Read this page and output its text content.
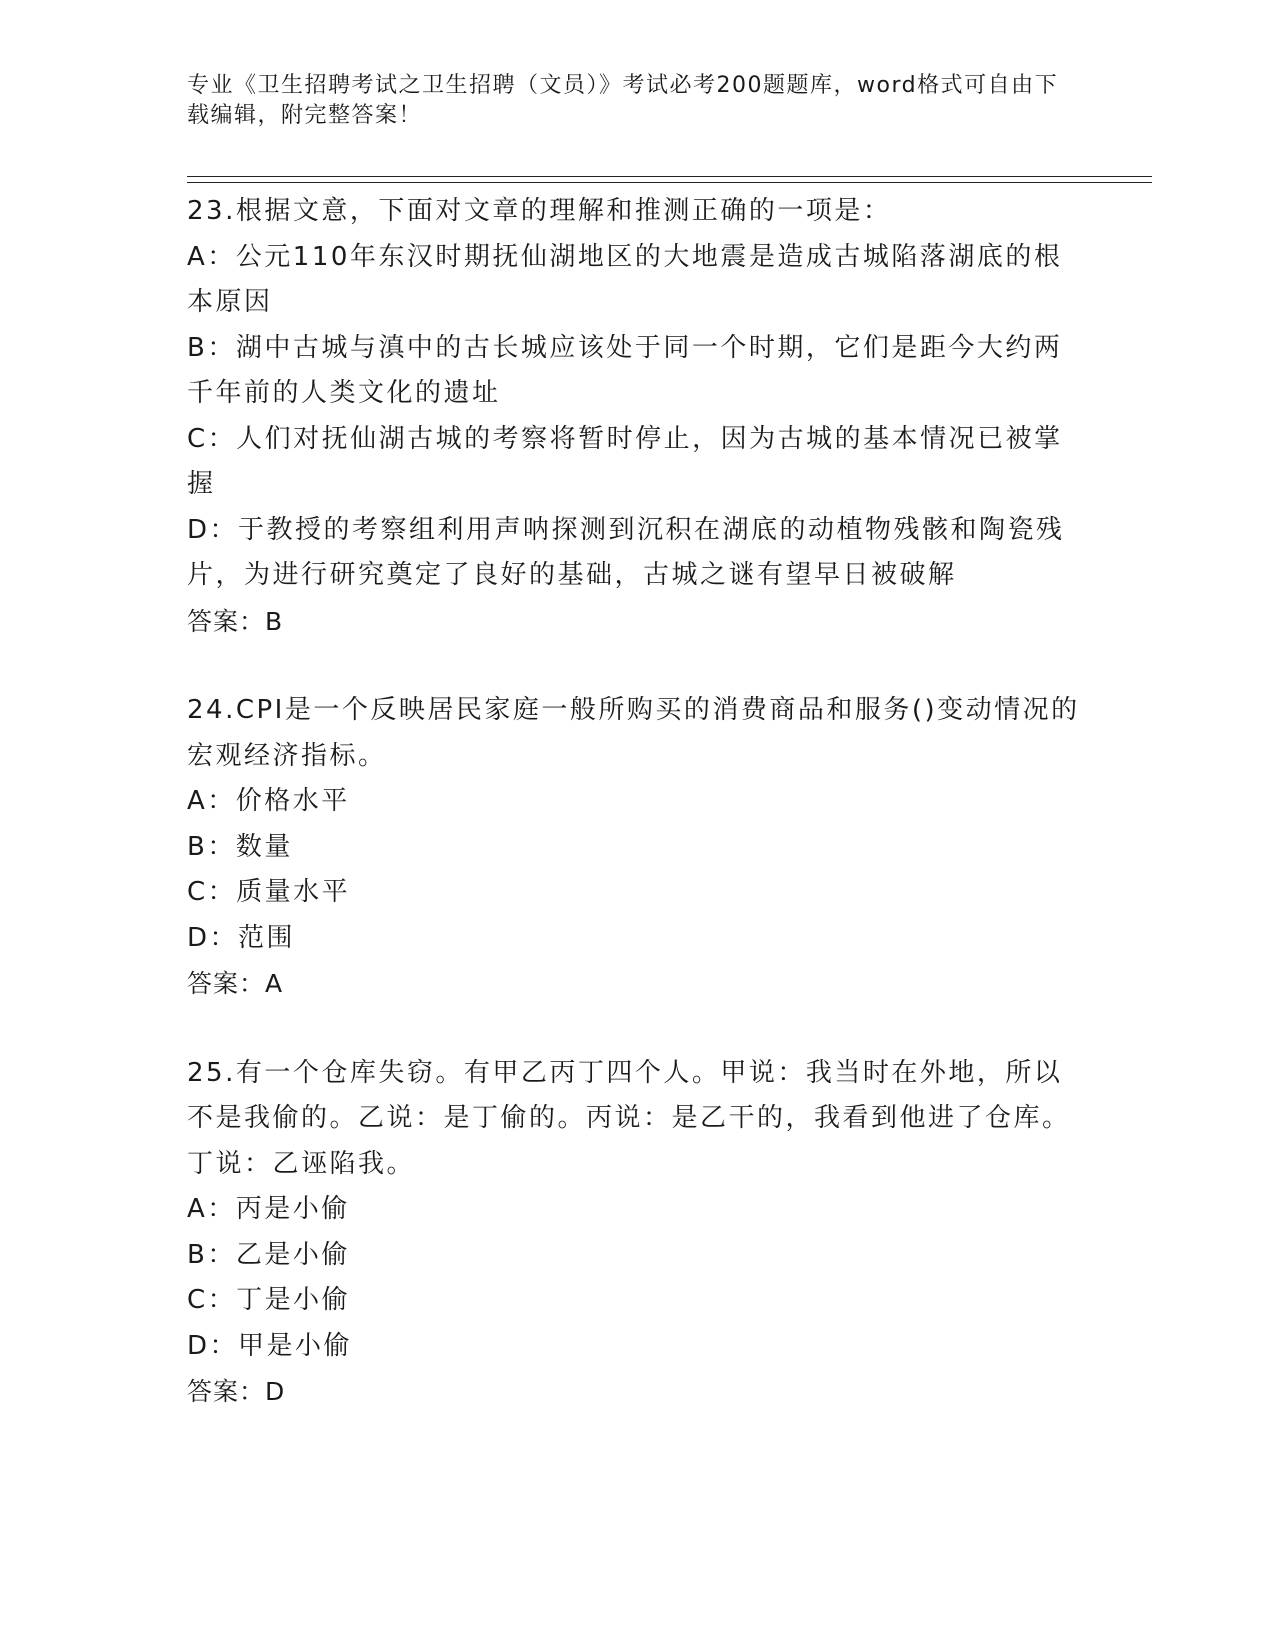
专业《卫生招聘考试之卫生招聘（文员）》考试必考200题题库，word格式可自由下载编辑，附完整答案！
23.根据文意，下面对文章的理解和推测正确的一项是：
A：公元110年东汉时期抚仙湖地区的大地震是造成古城陷落湖底的根本原因
B：湖中古城与滇中的古长城应该处于同一个时期，它们是距今大约两千年前的人类文化的遗址
C：人们对抚仙湖古城的考察将暂时停止，因为古城的基本情况已被掌握
D：于教授的考察组利用声呐探测到沉积在湖底的动植物残骸和陶瓷残片，为进行研究奠定了良好的基础，古城之谜有望早日被破解
答案：B
24.CPI是一个反映居民家庭一般所购买的消费商品和服务()变动情况的宏观经济指标。
A：价格水平
B：数量
C：质量水平
D：范围
答案：A
25.有一个仓库失窃。有甲乙丙丁四个人。甲说：我当时在外地，所以不是我偷的。乙说：是丁偷的。丙说：是乙干的，我看到他进了仓库。丁说：乙诬陷我。
A：丙是小偷
B：乙是小偷
C：丁是小偷
D：甲是小偷
答案：D
